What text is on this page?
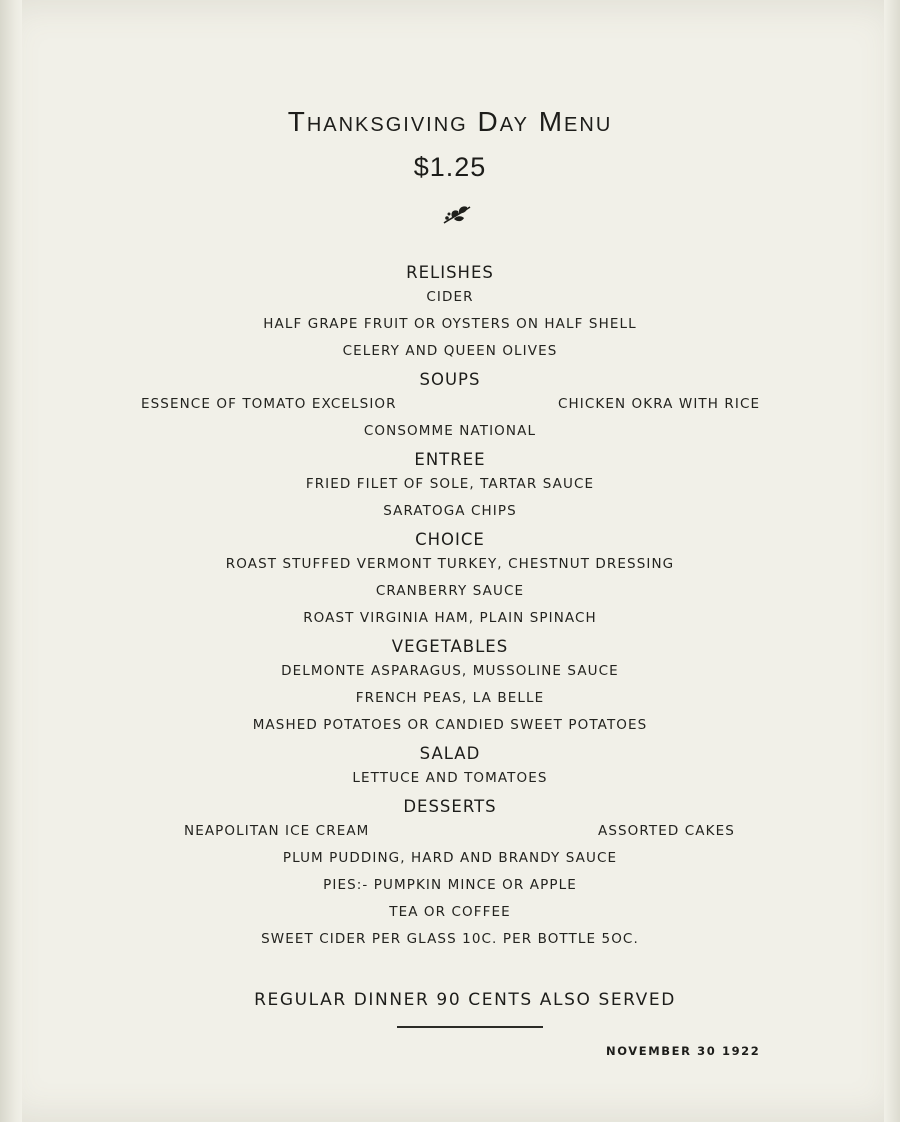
Thanksgiving Day Menu
$1.25
RELISHES
CIDER
HALF GRAPE FRUIT OR OYSTERS ON HALF SHELL
CELERY AND QUEEN OLIVES
SOUPS
ESSENCE OF TOMATO EXCELSIOR	CHICKEN OKRA WITH RICE
CONSOMME NATIONAL
ENTREE
FRIED FILET OF SOLE, TARTAR SAUCE
SARATOGA CHIPS
CHOICE
ROAST STUFFED VERMONT TURKEY, CHESTNUT DRESSING
CRANBERRY SAUCE
ROAST VIRGINIA HAM, PLAIN SPINACH
VEGETABLES
DELMONTE ASPARAGUS, MUSSOLINE SAUCE
FRENCH PEAS, LA BELLE
MASHED POTATOES OR CANDIED SWEET POTATOES
SALAD
LETTUCE AND TOMATOES
DESSERTS
NEAPOLITAN ICE CREAM	ASSORTED CAKES
PLUM PUDDING, HARD AND BRANDY SAUCE
PIES:- PUMPKIN MINCE OR APPLE
TEA OR COFFEE
SWEET CIDER PER GLASS 10C. PER BOTTLE 5OC.
REGULAR DINNER 90 CENTS ALSO SERVED
NOVEMBER 30 1922
